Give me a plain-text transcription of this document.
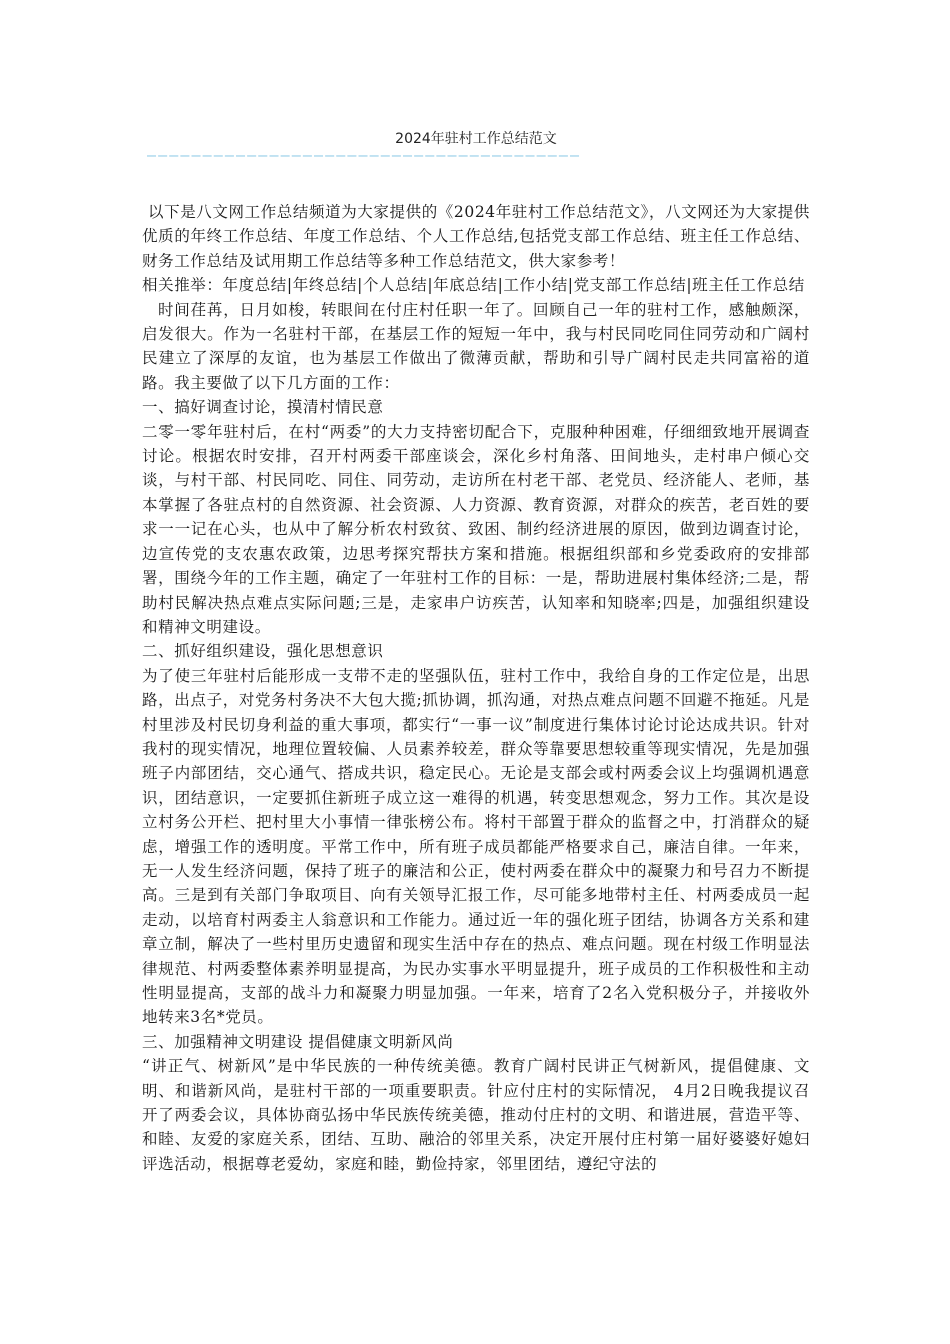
2024年驻村工作总结范文
———————————————————————————————————————

以下是八文网工作总结频道为大家提供的《2024年驻村工作总结范文》，八文网还为大家提供优质的年终工作总结、年度工作总结、个人工作总结,包括党支部工作总结、班主任工作总结、财务工作总结及试用期工作总结等多种工作总结范文，供大家参考！

相关推举：年度总结|年终总结|个人总结|年底总结|工作小结|党支部工作总结|班主任工作总结

时间荏苒，日月如梭，转眼间在付庄村任职一年了。回顾自己一年的驻村工作，感触颇深，启发很大。作为一名驻村干部，在基层工作的短短一年中，我与村民同吃同住同劳动和广阔村民建立了深厚的友谊，也为基层工作做出了微薄贡献，帮助和引导广阔村民走共同富裕的道路。我主要做了以下几方面的工作：

一、搞好调查讨论，摸清村情民意

二零一零年驻村后，在村“两委”的大力支持密切配合下，克服种种困难，仔细细致地开展调查讨论。根据农时安排，召开村两委干部座谈会，深化乡村角落、田间地头，走村串户倾心交谈，与村干部、村民同吃、同住、同劳动，走访所在村老干部、老党员、经济能人、老师，基本掌握了各驻点村的自然资源、社会资源、人力资源、教育资源，对群众的疾苦，老百姓的要求一一记在心头，也从中了解分析农村致贫、致困、制约经济进展的原因，做到边调查讨论，边宣传党的支农惠农政策，边思考探究帮扶方案和措施。根据组织部和乡党委政府的安排部署，围绕今年的工作主题，确定了一年驻村工作的目标：一是，帮助进展村集体经济;二是，帮助村民解决热点难点实际问题;三是，走家串户访疾苦，认知率和知晓率;四是，加强组织建设和精神文明建设。

二、抓好组织建设，强化思想意识

为了使三年驻村后能形成一支带不走的坚强队伍，驻村工作中，我给自身的工作定位是，出思路，出点子，对党务村务决不大包大揽;抓协调，抓沟通，对热点难点问题不回避不拖延。凡是村里涉及村民切身利益的重大事项，都实行“一事一议”制度进行集体讨论讨论达成共识。针对我村的现实情况，地理位置较偏、人员素养较差，群众等靠要思想较重等现实情况，先是加强班子内部团结，交心通气、搭成共识，稳定民心。无论是支部会或村两委会议上均强调机遇意识，团结意识，一定要抓住新班子成立这一难得的机遇，转变思想观念，努力工作。其次是设立村务公开栏、把村里大小事情一律张榜公布。将村干部置于群众的监督之中，打消群众的疑虑，增强工作的透明度。平常工作中，所有班子成员都能严格要求自己，廉洁自律。一年来，无一人发生经济问题，保持了班子的廉洁和公正，使村两委在群众中的凝聚力和号召力不断提高。三是到有关部门争取项目、向有关领导汇报工作，尽可能多地带村主任、村两委成员一起走动，以培育村两委主人翁意识和工作能力。通过近一年的强化班子团结，协调各方关系和建章立制，解决了一些村里历史遗留和现实生活中存在的热点、难点问题。现在村级工作明显法律规范、村两委整体素养明显提高，为民办实事水平明显提升，班子成员的工作积极性和主动性明显提高，支部的战斗力和凝聚力明显加强。一年来，培育了2名入党积极分子，并接收外地转来3名*党员。

三、加强精神文明建设 提倡健康文明新风尚

“讲正气、树新风”是中华民族的一种传统美德。教育广阔村民讲正气树新风，提倡健康、文明、和谐新风尚，是驻村干部的一项重要职责。针应付庄村的实际情况， 4月2日晚我提议召开了两委会议，具体协商弘扬中华民族传统美德，推动付庄村的文明、和谐进展，营造平等、和睦、友爱的家庭关系，团结、互助、融洽的邻里关系，决定开展付庄村第一届好婆婆好媳妇评选活动，根据尊老爱幼，家庭和睦，勤俭持家，邻里团结，遵纪守法的
